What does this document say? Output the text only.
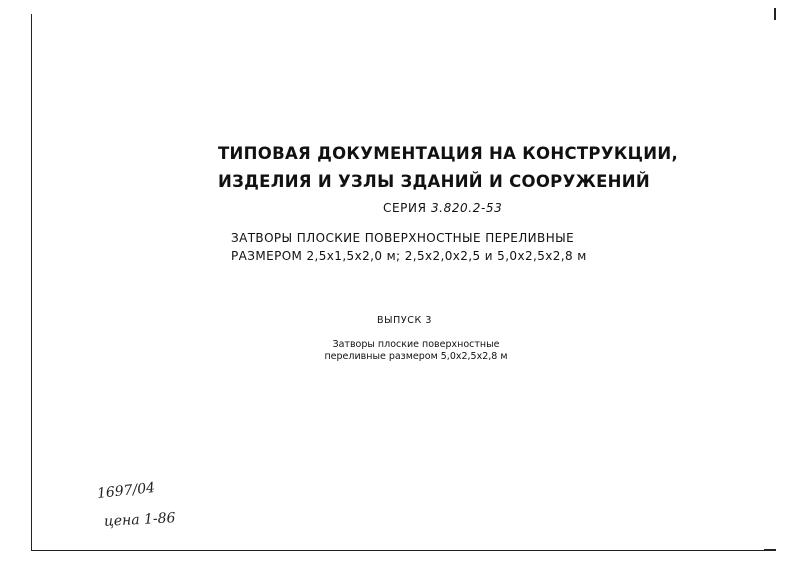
ТИПОВАЯ ДОКУМЕНТАЦИЯ НА КОНСТРУКЦИИ,
ИЗДЕЛИЯ И УЗЛЫ ЗДАНИЙ И СООРУЖЕНИЙ
СЕРИЯ 3.820.2-53
ЗАТВОРЫ ПЛОСКИЕ ПОВЕРХНОСТНЫЕ ПЕРЕЛИВНЫЕ
РАЗМЕРОМ 2,5x1,5x2,0 м; 2,5x2,0x2,5 и 5,0x2,5x2,8 м
ВЫПУСК 3
Затворы плоские поверхностные
переливные размером 5,0x2,5x2,8 м
1697/04
цена 1-86
